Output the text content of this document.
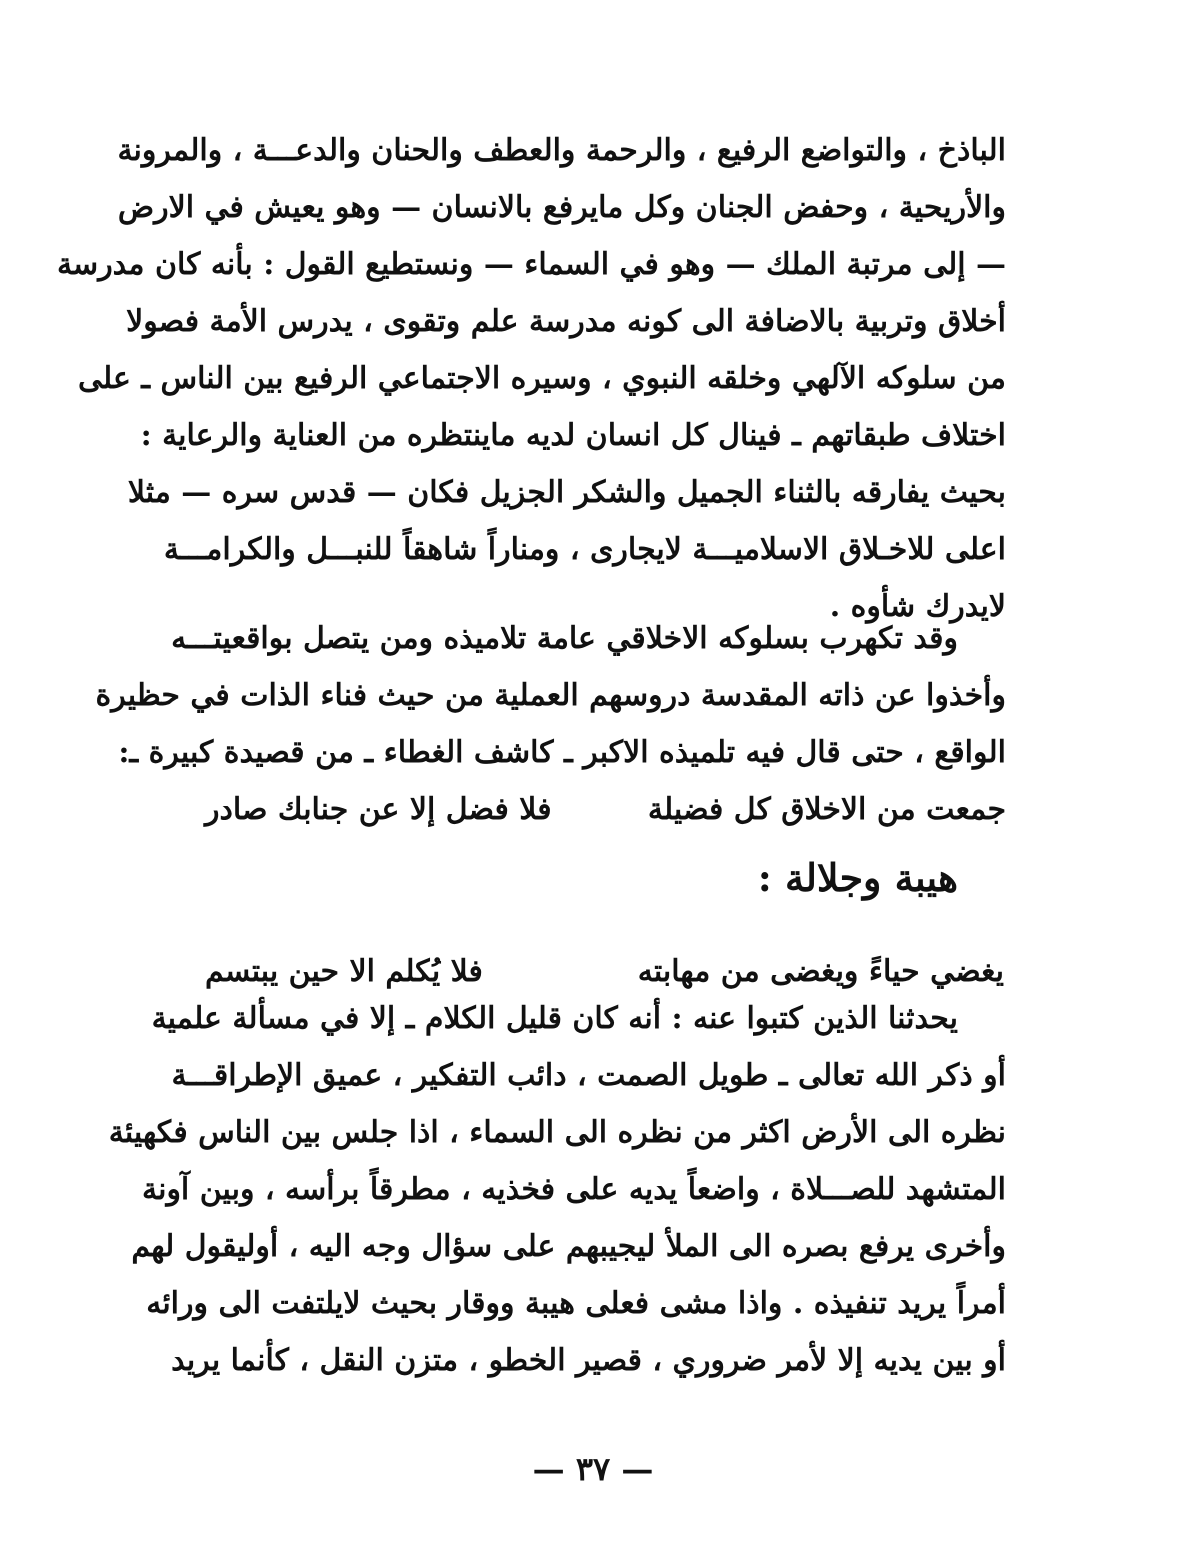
الباذخ ، والتواضع الرفيع ، والرحمة والعطف والحنان والدعـــة ، والمرونة
والأريحية ، وحفض الجنان وكل مايرفع بالانسان — وهو يعيش في الارض
— إلى مرتبة الملك — وهو في السماء — ونستطيع القول : بأنه كان مدرسة
أخلاق وتربية بالاضافة الى كونه مدرسة علم وتقوى ، يدرس الأمة فصولا
من سلوكه الآلهي وخلقه النبوي ، وسيره الاجتماعي الرفيع بين الناس ـ على
اختلاف طبقاتهم ـ فينال كل انسان لديه ماينتظره من العناية والرعاية :
بحيث يفارقه بالثناء الجميل والشكر الجزيل فكان — قدس سره — مثلا
اعلى للاخـلاق الاسلاميـــة لايجارى ، ومناراً شاهقاً للنبـــل والكرامـــة
لايدرك شأوه .
وقد تكهرب بسلوكه الاخلاقي عامة تلاميذه ومن يتصل بواقعيتـــه
وأخذوا عن ذاته المقدسة دروسهم العملية من حيث فناء الذات في حظيرة
الواقع ، حتى قال فيه تلميذه الاكبر ـ كاشف الغطاء ـ من قصيدة كبيرة ـ:
جمعت من الاخلاق كل فضيلة
فلا فضل إلا عن جنابك صادر
هيبة وجلالة :
يغضي حياءً ويغضى من مهابته
فلا يُكلم الا حين يبتسم
يحدثنا الذين كتبوا عنه : أنه كان قليل الكلام ـ إلا في مسألة علمية
أو ذكر الله تعالى ـ طويل الصمت ، دائب التفكير ، عميق الإطراقـــة
نظره الى الأرض اكثر من نظره الى السماء ، اذا جلس بين الناس فكهيئة
المتشهد للصـــلاة ، واضعاً يديه على فخذيه ، مطرقاً برأسه ، وبين آونة
وأخرى يرفع بصره الى الملأ ليجيبهم على سؤال وجه اليه ، أوليقول لهم
أمراً يريد تنفيذه . واذا مشى فعلى هيبة ووقار بحيث لايلتفت الى ورائه
أو بين يديه إلا لأمر ضروري ، قصير الخطو ، متزن النقل ، كأنما يريد
— ٣٧ —
